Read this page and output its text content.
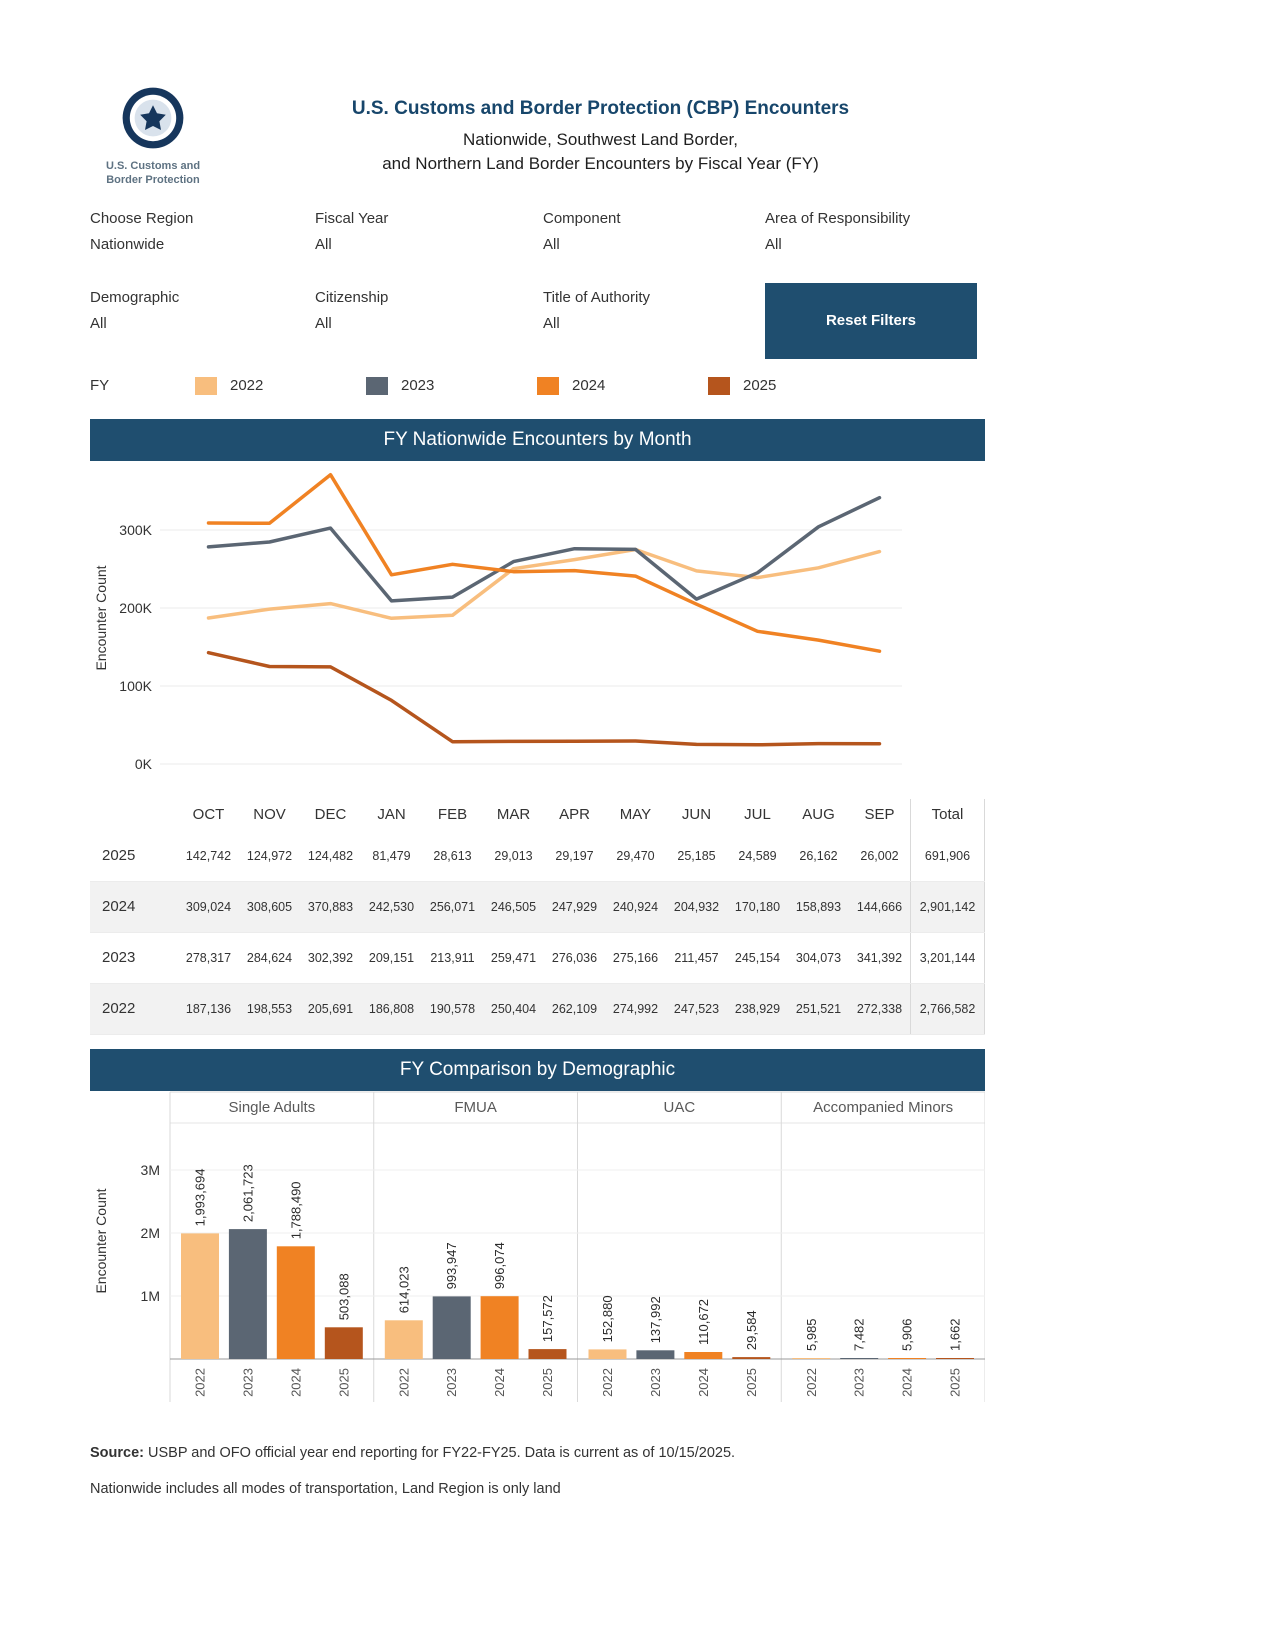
U.S. Customs and
Border Protection
U.S. Customs and Border Protection (CBP) Encounters
Nationwide, Southwest Land Border,
and Northern Land Border Encounters by Fiscal Year (FY)
Choose Region
Nationwide
Fiscal Year
All
Component
All
Area of Responsibility
All
Demographic
All
Citizenship
All
Title of Authority
All	Reset Filters
FY	2022	2023	2024	2025
FY Nationwide Encounters by Month
0K
100K
200K
300K
Encounter Count
OCT	NOV	DEC	JAN	FEB	MAR	APR	MAY	JUN	JUL	AUG	SEP	Total
2025	142,742	124,972	124,482	81,479	28,613	29,013	29,197	29,470	25,185	24,589	26,162	26,002	691,906
2024	309,024	308,605	370,883	242,530	256,071	246,505	247,929	240,924	204,932	170,180	158,893	144,666	2,901,142
2023	278,317	284,624	302,392	209,151	213,911	259,471	276,036	275,166	211,457	245,154	304,073	341,392	3,201,144
2022	187,136	198,553	205,691	186,808	190,578	250,404	262,109	274,992	247,523	238,929	251,521	272,338	2,766,582
FY Comparison by Demographic
1M
2M
3M
Encounter Count
Single Adults
1,993,694
2022
2,061,723
2023
1,788,490
2024
503,088
2025
FMUA
614,023
2022
993,947
2023
996,074
2024
157,572
2025
UAC
152,880
2022
137,992
2023
110,672
2024
29,584
2025
Accompanied Minors
5,985
2022
7,482
2023
5,906
2024
1,662
2025
Source: USBP and OFO official year end reporting for FY22-FY25. Data is current as of 10/15/2025.
Nationwide includes all modes of transportation, Land Region is only land
